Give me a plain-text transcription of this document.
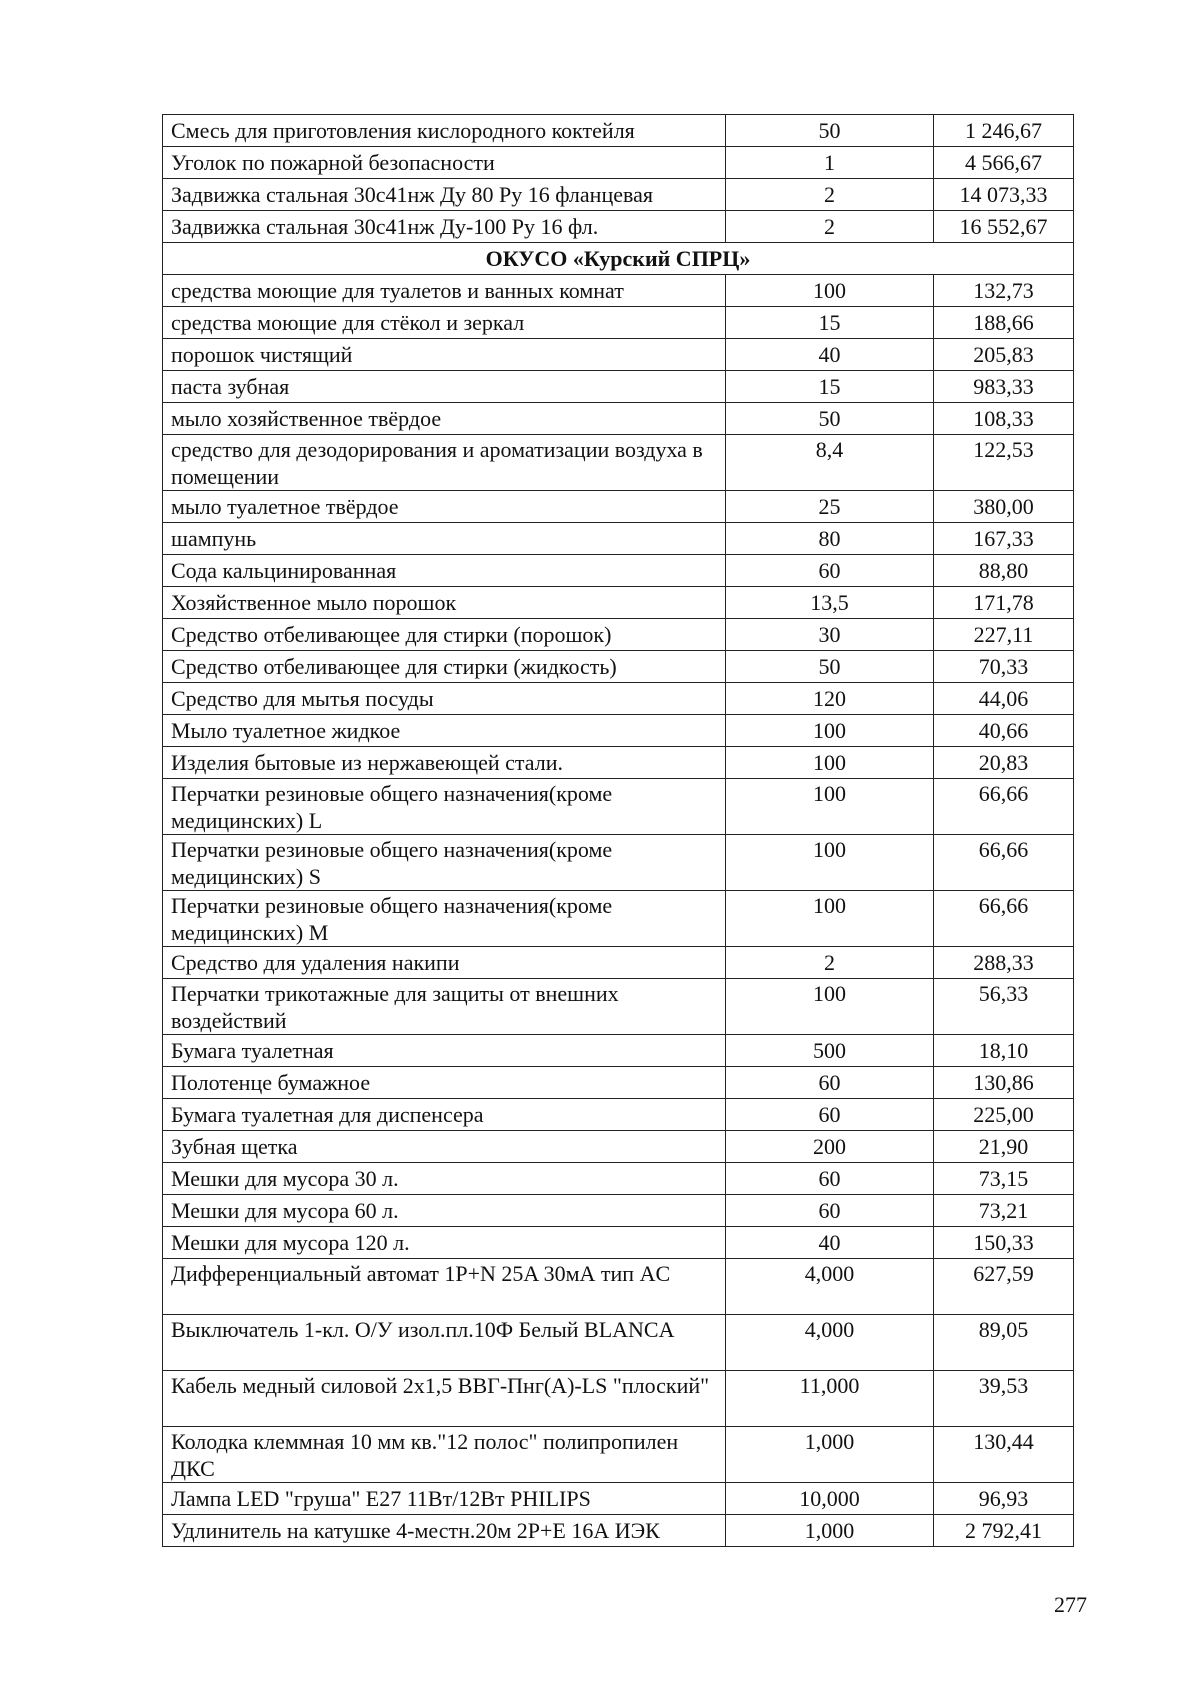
Смесь для приготовления кислородного коктейля	50	1 246,67
Уголок по пожарной безопасности	1	4 566,67
Задвижка стальная 30с41нж Ду 80 Ру 16 фланцевая	2	14 073,33
Задвижка стальная 30с41нж Ду-100 Ру 16 фл.	2	16 552,67
ОКУСО «Курский СПРЦ»		
средства моющие для туалетов и ванных комнат	100	132,73
средства моющие для стёкол и зеркал	15	188,66
порошок чистящий	40	205,83
паста зубная	15	983,33
мыло хозяйственное твёрдое	50	108,33
средство для дезодорирования и ароматизации воздуха в помещении	8,4	122,53
мыло туалетное твёрдое	25	380,00
шампунь	80	167,33
Сода кальцинированная	60	88,80
Хозяйственное мыло порошок	13,5	171,78
Средство отбеливающее для стирки (порошок)	30	227,11
Средство отбеливающее для стирки (жидкость)	50	70,33
Средство для мытья посуды	120	44,06
Мыло туалетное жидкое	100	40,66
Изделия бытовые из нержавеющей стали.	100	20,83
Перчатки резиновые общего назначения(кроме медицинских) L	100	66,66
Перчатки резиновые общего назначения(кроме медицинских) S	100	66,66
Перчатки резиновые общего назначения(кроме медицинских) M	100	66,66
Средство для удаления накипи	2	288,33
Перчатки трикотажные для защиты от внешних воздействий	100	56,33
Бумага туалетная	500	18,10
Полотенце бумажное	60	130,86
Бумага туалетная для диспенсера	60	225,00
Зубная щетка	200	21,90
Мешки для мусора 30 л.	60	73,15
Мешки для мусора 60 л.	60	73,21
Мешки для мусора 120 л.	40	150,33
Дифференциальный автомат 1P+N 25A 30мА тип AC	4,000	627,59
Выключатель 1-кл. О/У изол.пл.10Ф Белый BLANCA	4,000	89,05
Кабель медный силовой 2х1,5 ВВГ-Пнг(А)-LS "плоский"	11,000	39,53
Колодка клеммная 10 мм кв."12 полос" полипропилен ДКС	1,000	130,44
Лампа LED "груша" E27 11Вт/12Вт PHILIPS	10,000	96,93
Удлинитель на катушке 4-местн.20м 2P+E 16А ИЭК	1,000	2 792,41
277
